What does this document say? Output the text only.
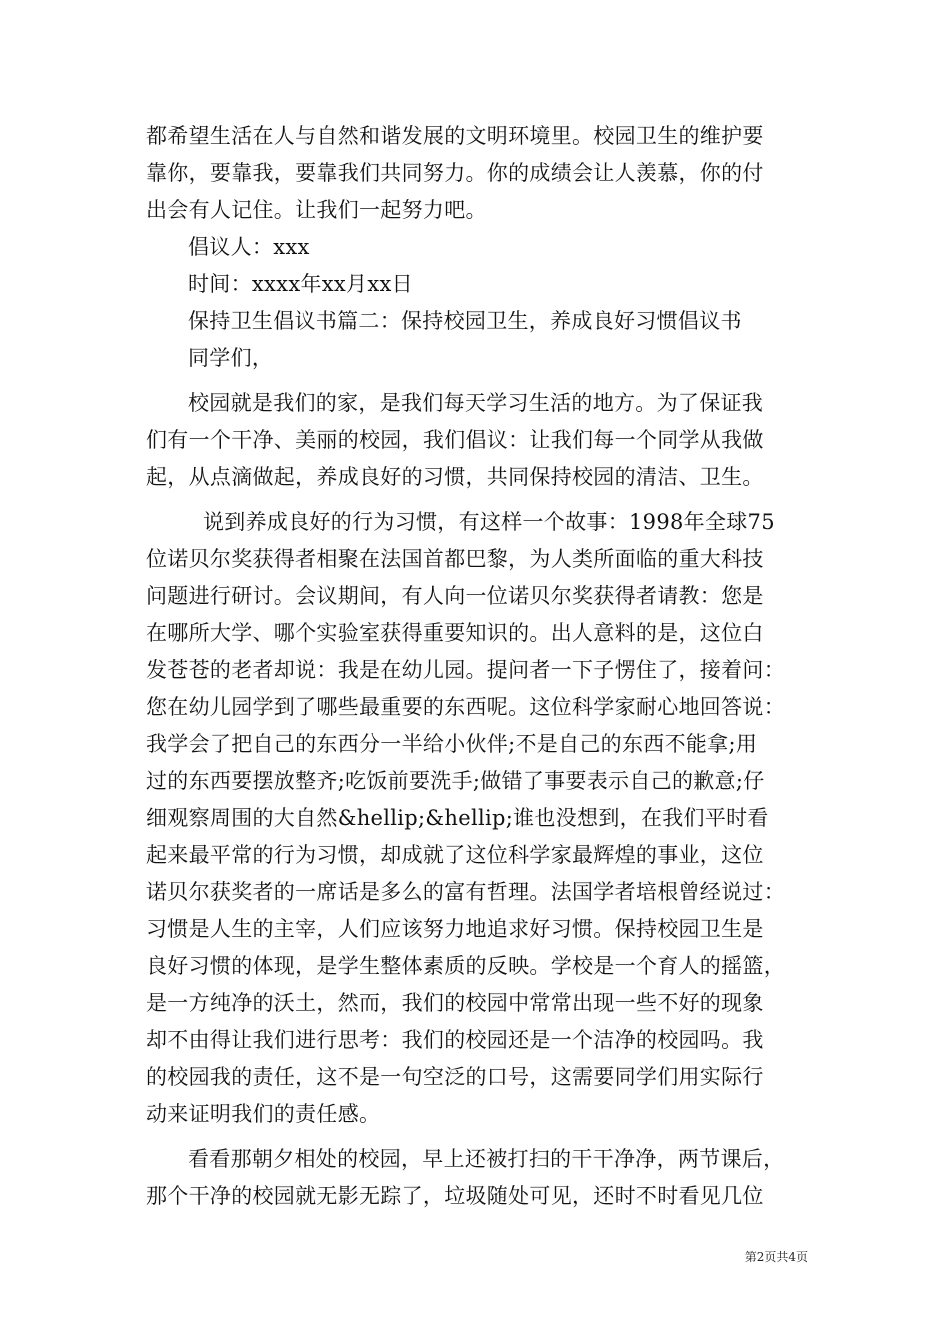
都希望生活在人与自然和谐发展的文明环境里。校园卫生的维护要
靠你，要靠我，要靠我们共同努力。你的成绩会让人羡慕，你的付
出会有人记住。让我们一起努力吧。
倡议人：xxx
时间：xxxx年xx月xx日
保持卫生倡议书篇二：保持校园卫生，养成良好习惯倡议书
同学们，
校园就是我们的家，是我们每天学习生活的地方。为了保证我
们有一个干净、美丽的校园，我们倡议：让我们每一个同学从我做
起，从点滴做起，养成良好的习惯，共同保持校园的清洁、卫生。
说到养成良好的行为习惯，有这样一个故事：1998年全球75
位诺贝尔奖获得者相聚在法国首都巴黎，为人类所面临的重大科技
问题进行研讨。会议期间，有人向一位诺贝尔奖获得者请教：您是
在哪所大学、哪个实验室获得重要知识的。出人意料的是，这位白
发苍苍的老者却说：我是在幼儿园。提问者一下子愣住了，接着问：
您在幼儿园学到了哪些最重要的东西呢。这位科学家耐心地回答说：
我学会了把自己的东西分一半给小伙伴;不是自己的东西不能拿;用
过的东西要摆放整齐;吃饭前要洗手;做错了事要表示自己的歉意;仔
细观察周围的大自然&hellip;&hellip;谁也没想到，在我们平时看
起来最平常的行为习惯，却成就了这位科学家最辉煌的事业，这位
诺贝尔获奖者的一席话是多么的富有哲理。法国学者培根曾经说过：
习惯是人生的主宰，人们应该努力地追求好习惯。保持校园卫生是
良好习惯的体现，是学生整体素质的反映。学校是一个育人的摇篮，
是一方纯净的沃土，然而，我们的校园中常常出现一些不好的现象
却不由得让我们进行思考：我们的校园还是一个洁净的校园吗。我
的校园我的责任，这不是一句空泛的口号，这需要同学们用实际行
动来证明我们的责任感。
看看那朝夕相处的校园，早上还被打扫的干干净净，两节课后，
那个干净的校园就无影无踪了，垃圾随处可见，还时不时看见几位
第2页共4页
